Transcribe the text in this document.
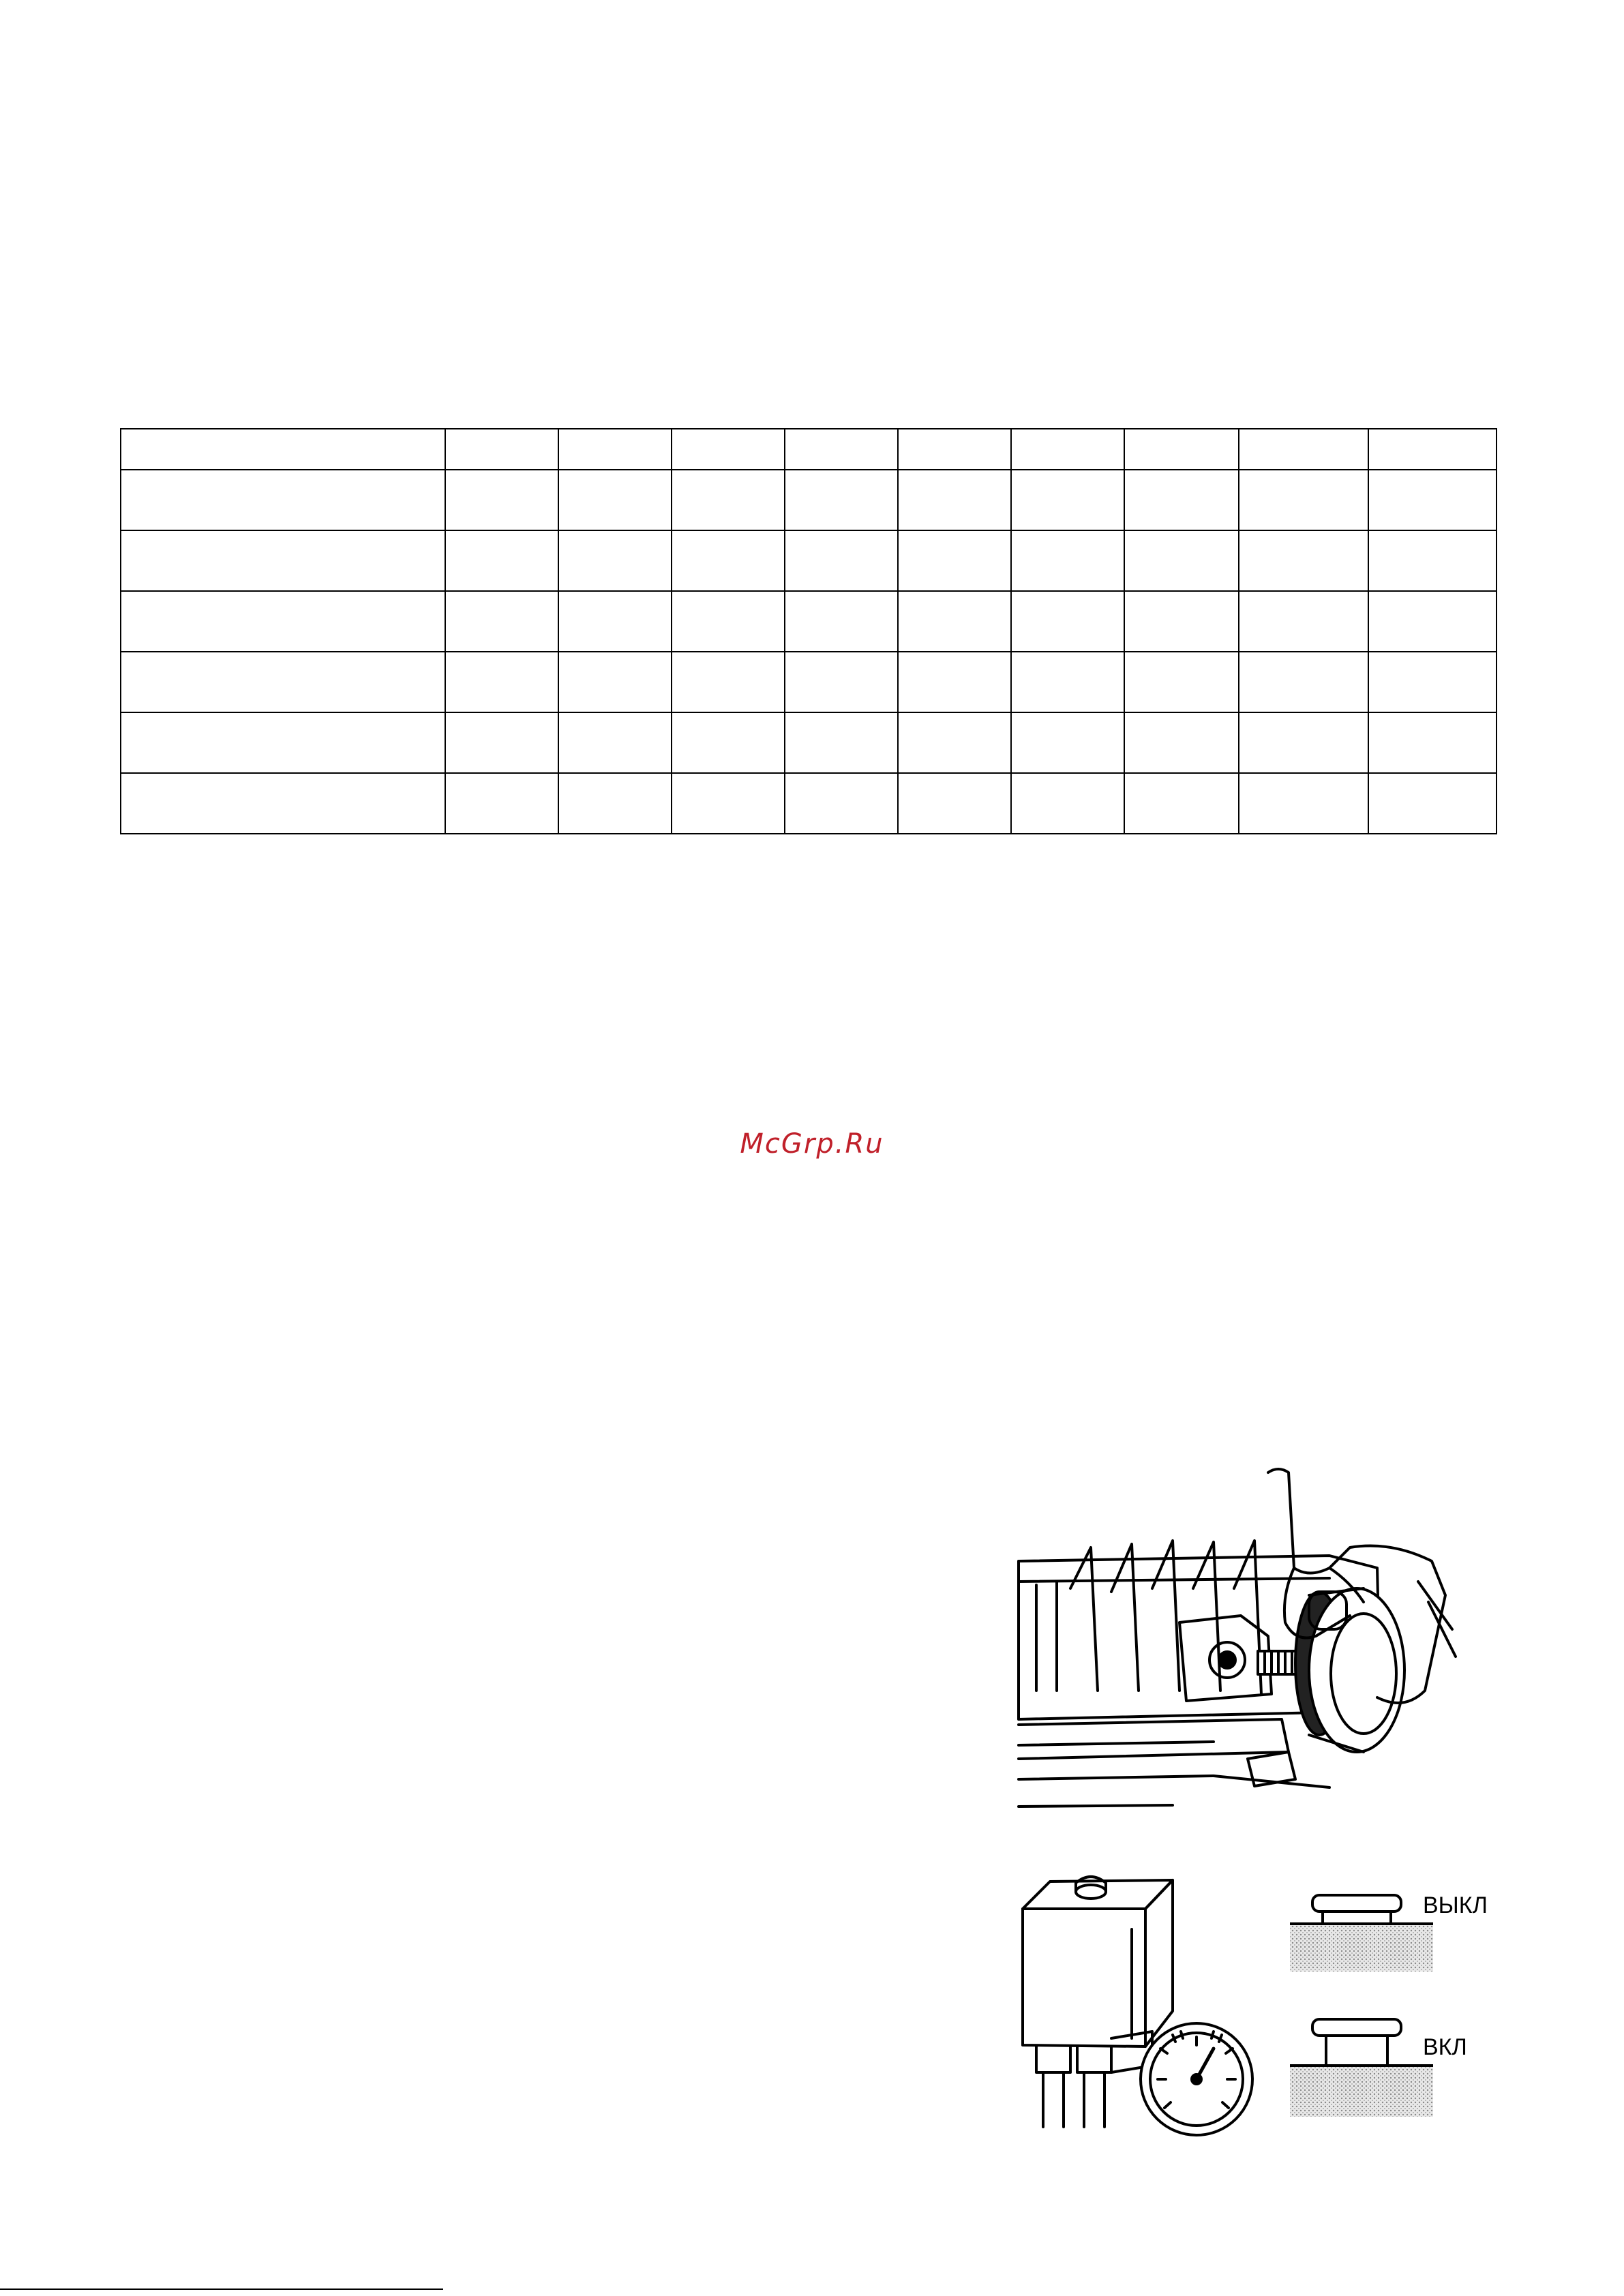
McGrp.Ru
ВЫКЛ
ВКЛ
